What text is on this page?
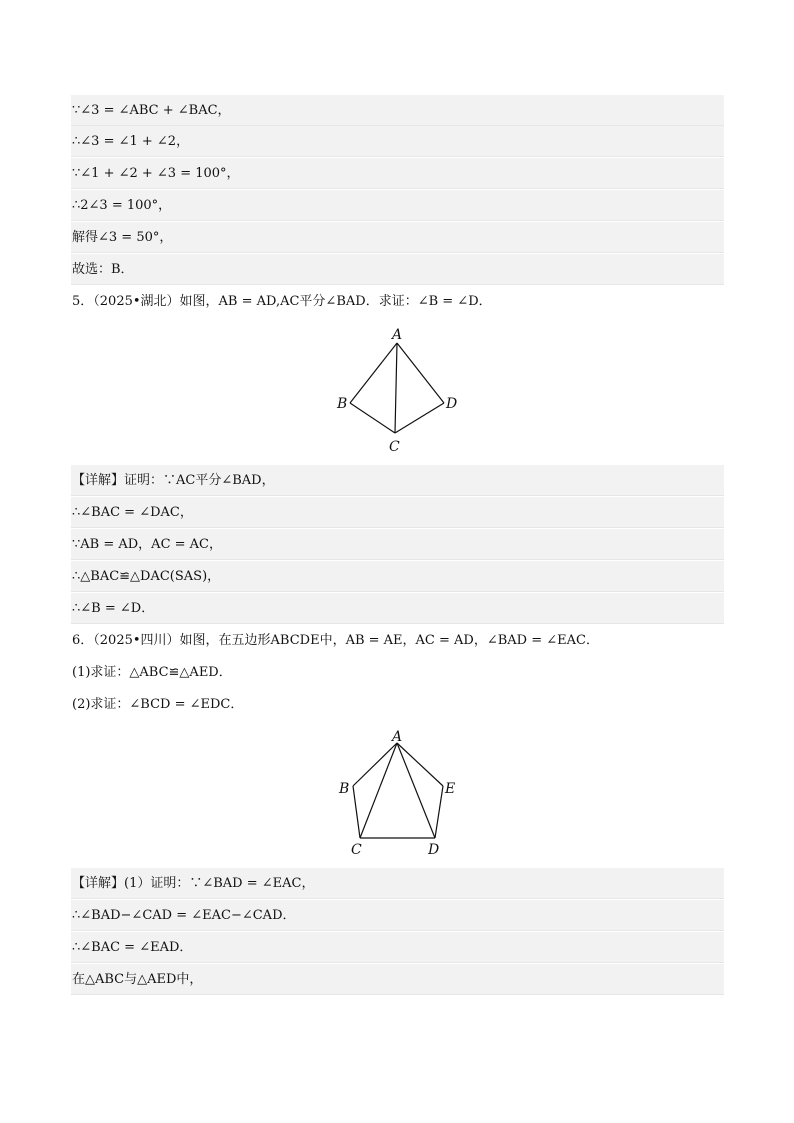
∵∠3 = ∠ABC + ∠BAC，
∴∠3 = ∠1 + ∠2，
∵∠1 + ∠2 + ∠3 = 100°，
∴2∠3 = 100°，
解得∠3 = 50°，
故选：B．
5．（2025•湖北）如图，AB = AD,AC平分∠BAD．求证：∠B = ∠D．
A
B
C
D
【详解】证明：∵AC平分∠BAD，
∴∠BAC = ∠DAC，
∵AB = AD，AC = AC，
∴△BAC≌△DAC(SAS)，
∴∠B = ∠D．
6．（2025•四川）如图，在五边形ABCDE中，AB = AE，AC = AD，∠BAD = ∠EAC．
(1)求证：△ABC≌△AED．
(2)求证：∠BCD = ∠EDC．
A
B
C	D
E
【详解】(1）证明：∵∠BAD = ∠EAC，
∴∠BAD−∠CAD = ∠EAC−∠CAD．
∴∠BAC = ∠EAD．
在△ABC与△AED中，
